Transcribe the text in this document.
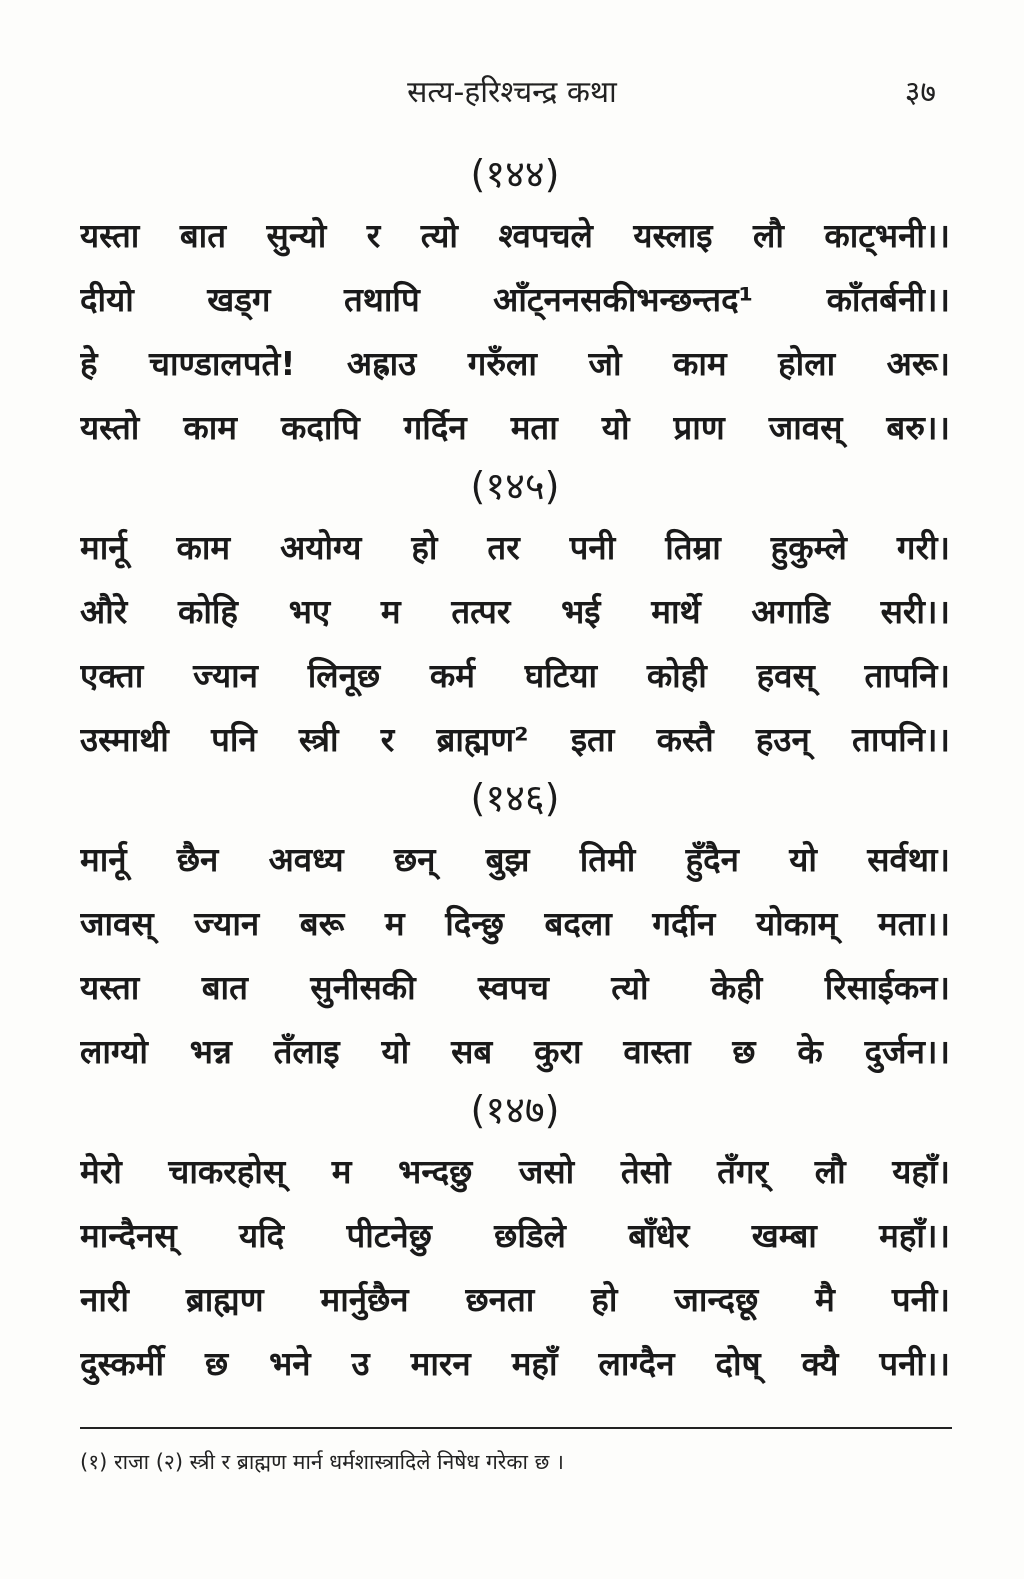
सत्य-हरिश्चन्द्र कथा	३७
(१४४)
यस्ता बात सुन्यो र त्यो श्वपचले यस्लाइ लौ काट्भनी।।
दीयो खड्ग तथापि आँट्ननसकीभन्छन्तद¹ काँतर्बनी।।
हे चाण्डालपते! अह्राउ गरुँला जो काम होला अरू।
यस्तो काम कदापि गर्दिन मता यो प्राण जावस् बरु।।
(१४५)
मार्नू काम अयोग्य हो तर पनी तिम्रा हुकुम्ले गरी।
औरे कोहि भए म तत्पर भई मार्थे अगाडि सरी।।
एक्ता ज्यान लिनूछ कर्म घटिया कोही हवस् तापनि।
उस्माथी पनि स्त्री र ब्राह्मण² इता कस्तै हउन् तापनि।।
(१४६)
मार्नू छैन अवध्य छन् बुझ तिमी हुँदैन यो सर्वथा।
जावस् ज्यान बरू म दिन्छु बदला गर्दीन योकाम् मता।।
यस्ता बात सुनीसकी स्वपच त्यो केही रिसाईकन।
लाग्यो भन्न तँलाइ यो सब कुरा वास्ता छ के दुर्जन।।
(१४७)
मेरो चाकरहोस् म भन्दछु जसो तेसो तँगर् लौ यहाँ।
मान्दैनस् यदि पीटनेछु छडिले बाँधेर खम्बा महाँ।।
नारी ब्राह्मण मार्नुछैन छनता हो जान्दछू मै पनी।
दुस्कर्मी छ भने उ मारन महाँ लाग्दैन दोष् क्यै पनी।।
(१) राजा (२) स्त्री र ब्राह्मण मार्न धर्मशास्त्रादिले निषेध गरेका छ ।
